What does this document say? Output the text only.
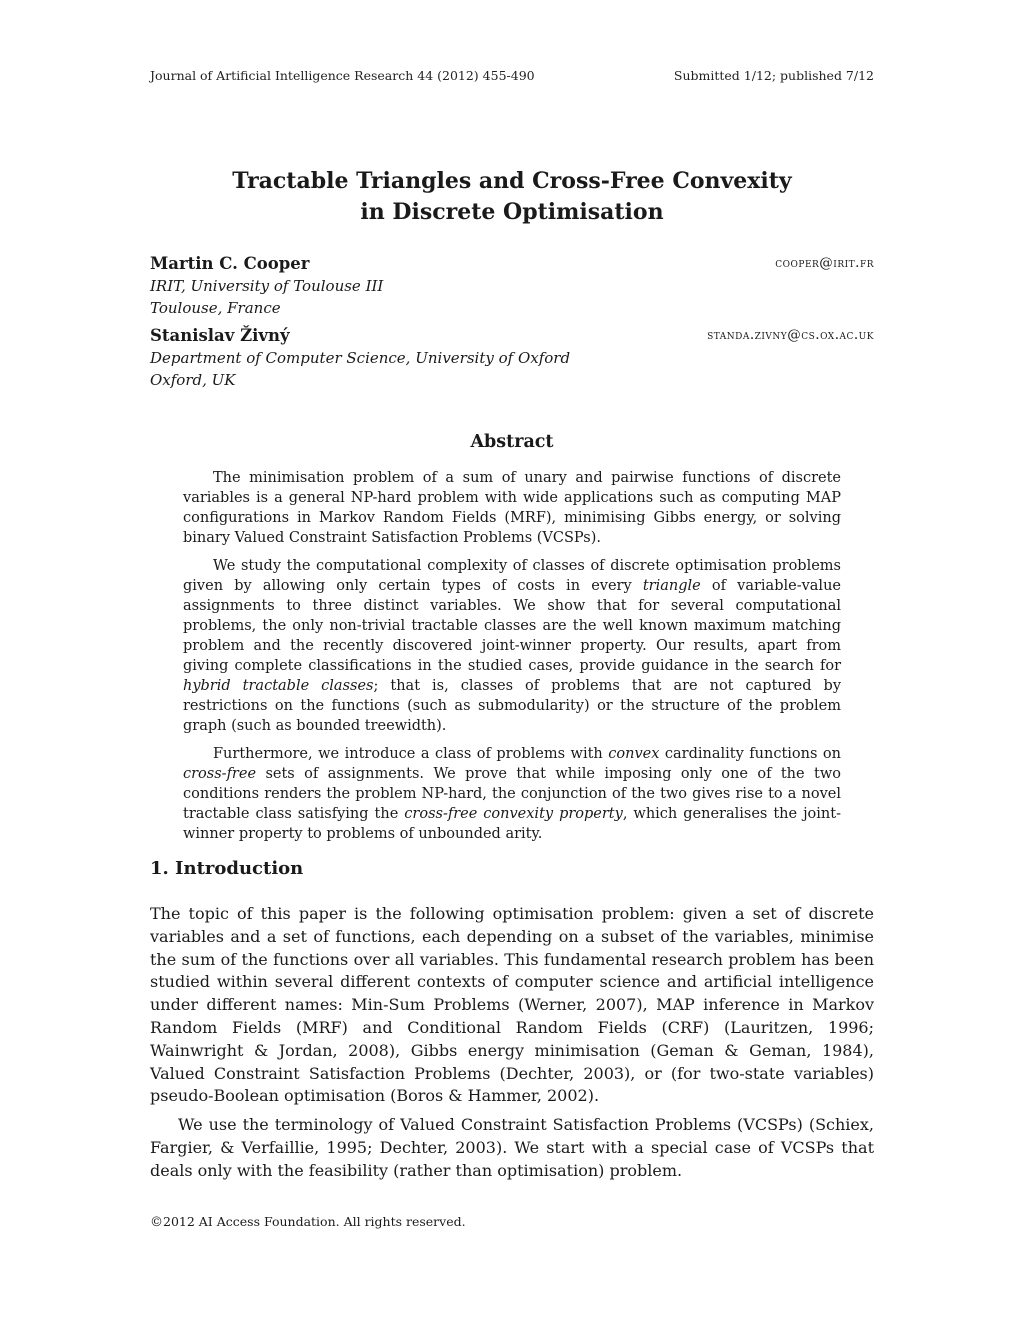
Journal of Artificial Intelligence Research 44 (2012) 455-490	Submitted 1/12; published 7/12

Tractable Triangles and Cross-Free Convexity

in Discrete Optimisation

Martin C. Cooper	cooper@irit.fr
IRIT, University of Toulouse III
Toulouse, France
Stanislav Živný	standa.zivny@cs.ox.ac.uk
Department of Computer Science, University of Oxford
Oxford, UK
Abstract

The minimisation problem of a sum of unary and pairwise functions of discrete variables is a general NP-hard problem with wide applications such as computing MAP configurations in Markov Random Fields (MRF), minimising Gibbs energy, or solving binary Valued Constraint Satisfaction Problems (VCSPs).

We study the computational complexity of classes of discrete optimisation problems given by allowing only certain types of costs in every triangle of variable-value assignments to three distinct variables. We show that for several computational problems, the only non-trivial tractable classes are the well known maximum matching problem and the recently discovered joint-winner property. Our results, apart from giving complete classifications in the studied cases, provide guidance in the search for hybrid tractable classes; that is, classes of problems that are not captured by restrictions on the functions (such as submodularity) or the structure of the problem graph (such as bounded treewidth).

Furthermore, we introduce a class of problems with convex cardinality functions on cross-free sets of assignments. We prove that while imposing only one of the two conditions renders the problem NP-hard, the conjunction of the two gives rise to a novel tractable class satisfying the cross-free convexity property, which generalises the joint-winner property to problems of unbounded arity.

1. Introduction

The topic of this paper is the following optimisation problem: given a set of discrete variables and a set of functions, each depending on a subset of the variables, minimise the sum of the functions over all variables. This fundamental research problem has been studied within several different contexts of computer science and artificial intelligence under different names: Min-Sum Problems (Werner, 2007), MAP inference in Markov Random Fields (MRF) and Conditional Random Fields (CRF) (Lauritzen, 1996; Wainwright & Jordan, 2008), Gibbs energy minimisation (Geman & Geman, 1984), Valued Constraint Satisfaction Problems (Dechter, 2003), or (for two-state variables) pseudo-Boolean optimisation (Boros & Hammer, 2002).

We use the terminology of Valued Constraint Satisfaction Problems (VCSPs) (Schiex, Fargier, & Verfaillie, 1995; Dechter, 2003). We start with a special case of VCSPs that deals only with the feasibility (rather than optimisation) problem.

©2012 AI Access Foundation. All rights reserved.
